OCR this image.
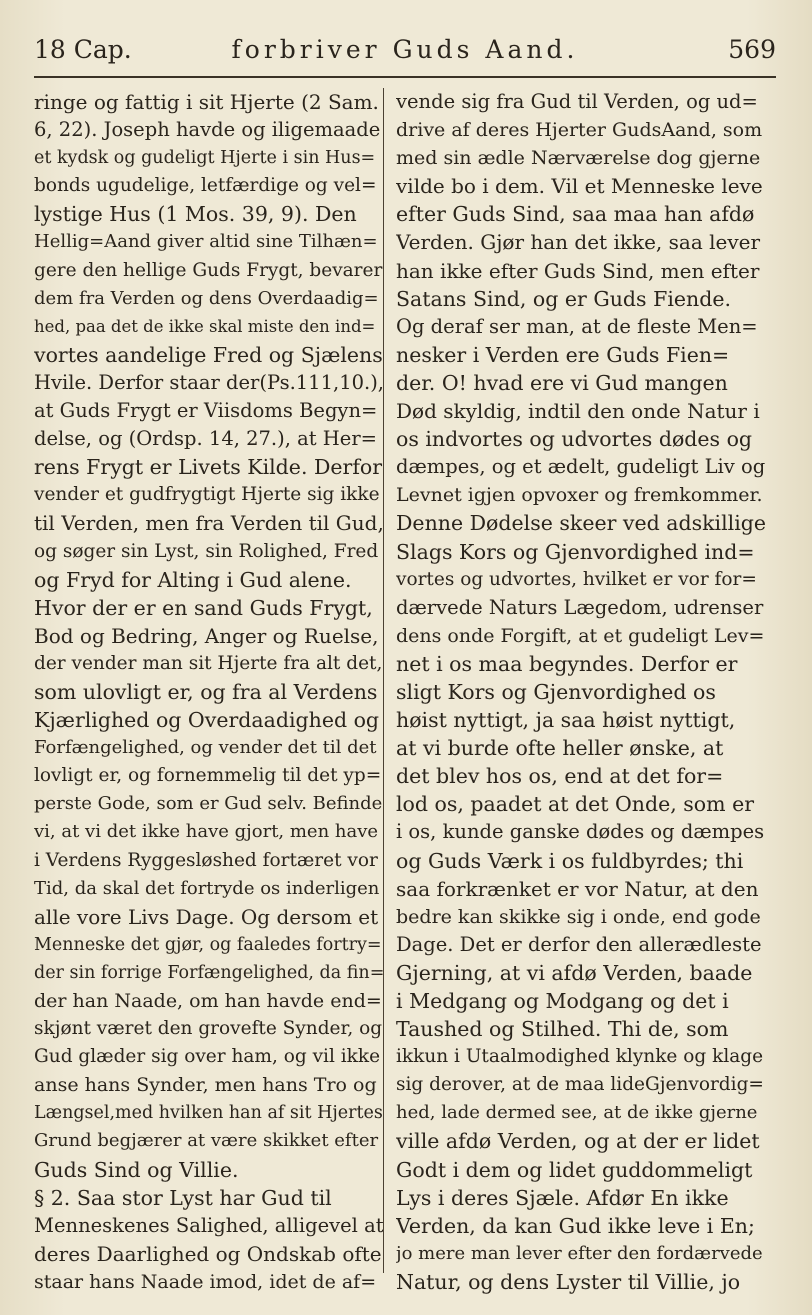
18 Cap.	forbriver Guds Aand.	569
ringe og fattig i sit Hjerte (2 Sam.
6, 22). Joseph havde og iligemaade
et kydsk og gudeligt Hjerte i sin Hus=
bonds ugudelige, letfærdige og vel=
lystige Hus (1 Mos. 39, 9). Den
Hellig=Aand giver altid sine Tilhæn=
gere den hellige Guds Frygt, bevarer
dem fra Verden og dens Overdaadig=
hed, paa det de ikke skal miste den ind=
vortes aandelige Fred og Sjælens
Hvile. Derfor staar der(Ps.111,10.),
at Guds Frygt er Viisdoms Begyn=
delse, og (Ordsp. 14, 27.), at Her=
rens Frygt er Livets Kilde. Derfor
vender et gudfrygtigt Hjerte sig ikke
til Verden, men fra Verden til Gud,
og søger sin Lyst, sin Rolighed, Fred
og Fryd for Alting i Gud alene.
Hvor der er en sand Guds Frygt,
Bod og Bedring, Anger og Ruelse,
der vender man sit Hjerte fra alt det,
som ulovligt er, og fra al Verdens
Kjærlighed og Overdaadighed og
Forfængelighed, og vender det til det
lovligt er, og fornemmelig til det yp=
perste Gode, som er Gud selv. Befinde
vi, at vi det ikke have gjort, men have
i Verdens Ryggesløshed fortæret vor
Tid, da skal det fortryde os inderligen
alle vore Livs Dage. Og dersom et
Menneske det gjør, og faaledes fortry=
der sin forrige Forfængelighed, da fin=
der han Naade, om han havde end=
skjønt været den grovefte Synder, og
Gud glæder sig over ham, og vil ikke
anse hans Synder, men hans Tro og
Længsel,med hvilken han af sit Hjertes
Grund begjærer at være skikket efter
Guds Sind og Villie.
§ 2. Saa stor Lyst har Gud til
Menneskenes Salighed, alligevel at
deres Daarlighed og Ondskab ofte
staar hans Naade imod, idet de af=
vende sig fra Gud til Verden, og ud=
drive af deres Hjerter GudsAand, som
med sin ædle Nærværelse dog gjerne
vilde bo i dem. Vil et Menneske leve
efter Guds Sind, saa maa han afdø
Verden. Gjør han det ikke, saa lever
han ikke efter Guds Sind, men efter
Satans Sind, og er Guds Fiende.
Og deraf ser man, at de fleste Men=
nesker i Verden ere Guds Fien=
der. O! hvad ere vi Gud mangen
Død skyldig, indtil den onde Natur i
os indvortes og udvortes dødes og
dæmpes, og et ædelt, gudeligt Liv og
Levnet igjen opvoxer og fremkommer.
Denne Dødelse skeer ved adskillige
Slags Kors og Gjenvordighed ind=
vortes og udvortes, hvilket er vor for=
dærvede Naturs Lægedom, udrenser
dens onde Forgift, at et gudeligt Lev=
net i os maa begyndes. Derfor er
sligt Kors og Gjenvordighed os
høist nyttigt, ja saa høist nyttigt,
at vi burde ofte heller ønske, at
det blev hos os, end at det for=
lod os, paadet at det Onde, som er
i os, kunde ganske dødes og dæmpes
og Guds Værk i os fuldbyrdes; thi
saa forkrænket er vor Natur, at den
bedre kan skikke sig i onde, end gode
Dage. Det er derfor den allerædleste
Gjerning, at vi afdø Verden, baade
i Medgang og Modgang og det i
Taushed og Stilhed. Thi de, som
ikkun i Utaalmodighed klynke og klage
sig derover, at de maa lideGjenvordig=
hed, lade dermed see, at de ikke gjerne
ville afdø Verden, og at der er lidet
Godt i dem og lidet guddommeligt
Lys i deres Sjæle. Afdør En ikke
Verden, da kan Gud ikke leve i En;
jo mere man lever efter den fordærvede
Natur, og dens Lyster til Villie, jo
